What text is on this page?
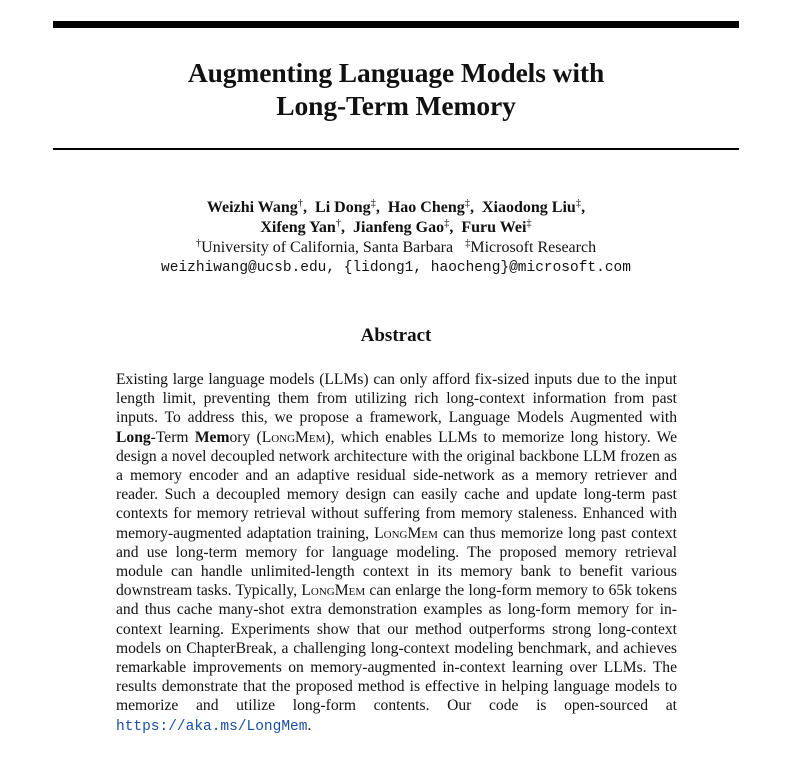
Augmenting Language Models with
Long-Term Memory
Weizhi Wang†,  Li Dong‡,  Hao Cheng‡,  Xiaodong Liu‡,
Xifeng Yan†,  Jianfeng Gao‡,  Furu Wei‡
†University of California, Santa Barbara ‡Microsoft Research
weizhiwang@ucsb.edu, {lidong1, haocheng}@microsoft.com
Abstract

Existing large language models (LLMs) can only afford fix-sized inputs due to the input length limit, preventing them from utilizing rich long-context information from past inputs. To address this, we propose a framework, Language Models Augmented with Long-Term Memory (LongMem), which enables LLMs to memorize long history. We design a novel decoupled network architecture with the original backbone LLM frozen as a memory encoder and an adaptive residual side-network as a memory retriever and reader. Such a decoupled memory design can easily cache and update long-term past contexts for memory retrieval without suffering from memory staleness. Enhanced with memory-augmented adaptation training, LongMem can thus memorize long past context and use long-term memory for language modeling. The proposed memory retrieval module can handle unlimited-length context in its memory bank to benefit various downstream tasks. Typically, LongMem can enlarge the long-form memory to 65k tokens and thus cache many-shot extra demonstration examples as long-form memory for in-context learning. Experiments show that our method outperforms strong long-context models on ChapterBreak, a challenging long-context modeling benchmark, and achieves remarkable improvements on memory-augmented in-context learning over LLMs. The results demonstrate that the proposed method is effective in helping language models to memorize and utilize long-form contents. Our code is open-sourced at https://aka.ms/LongMem.
